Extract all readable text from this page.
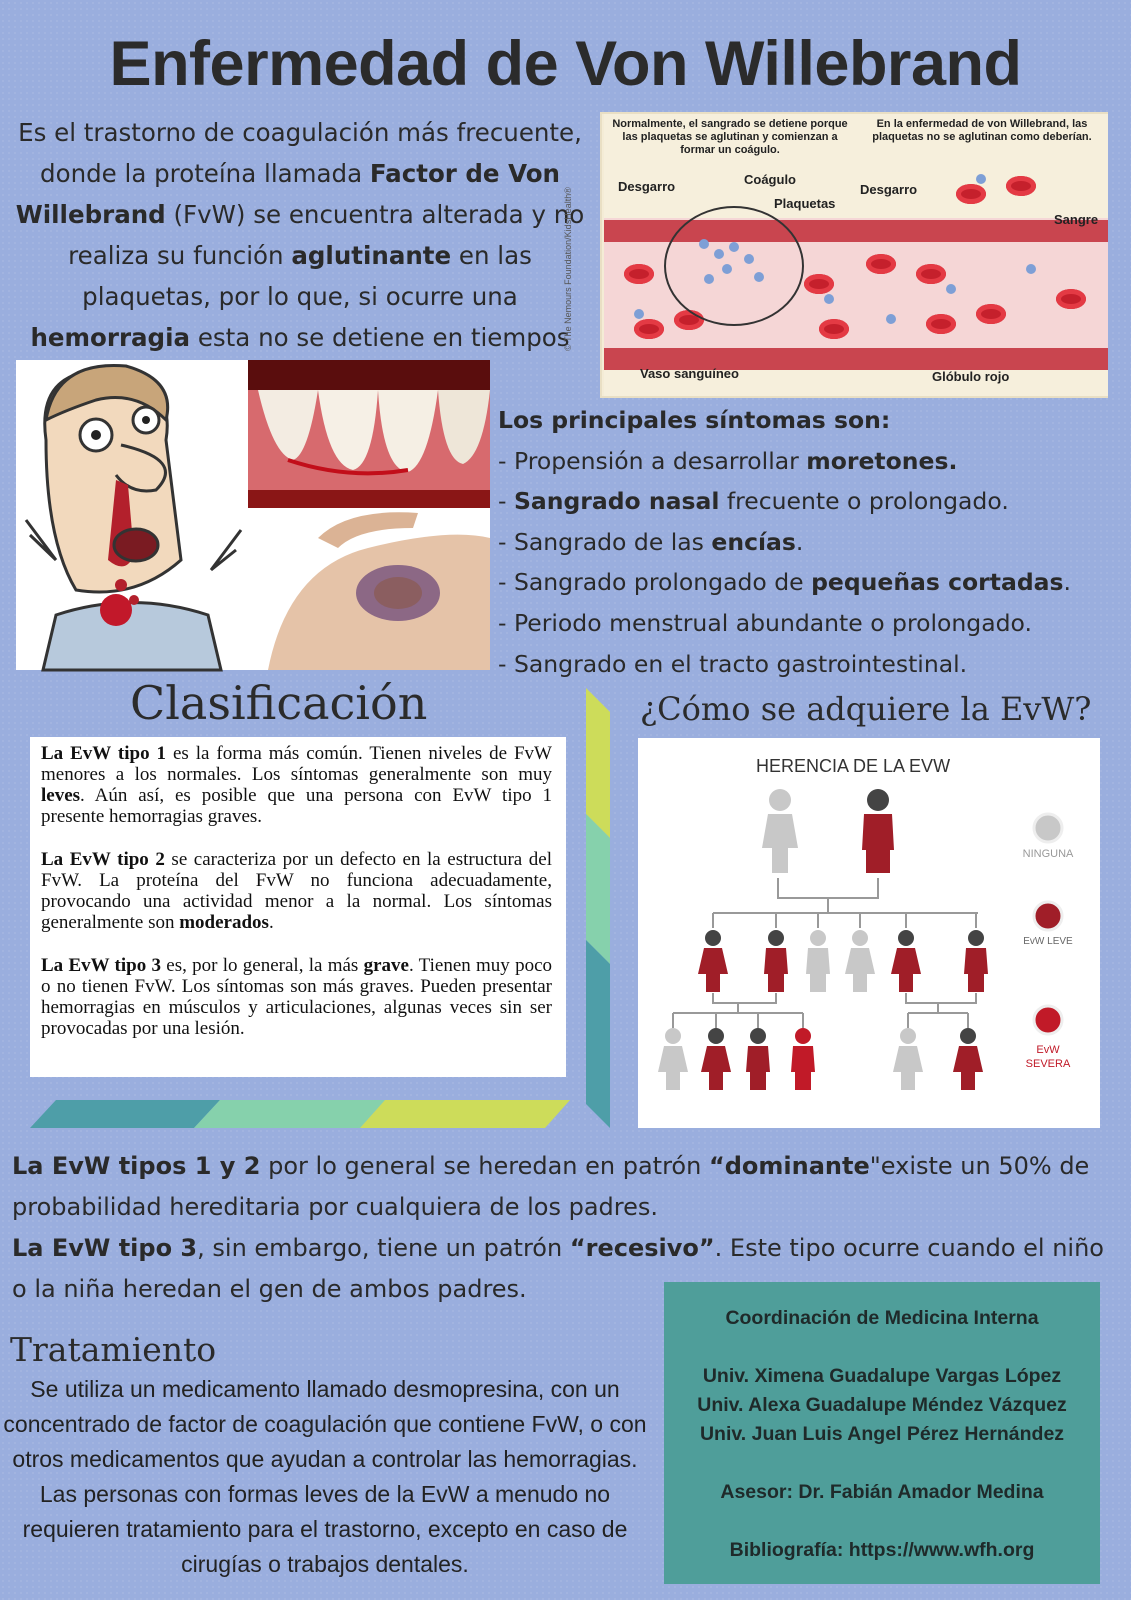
Enfermedad de Von Willebrand
Es el trastorno de coagulación más frecuente, donde la proteína llamada Factor de Von Willebrand (FvW) se encuentra alterada y no realiza su función aglutinante en las plaquetas, por lo que, si ocurre una hemorragia esta no se detiene en tiempos
Normalmente, el sangrado se detiene porque las plaquetas se aglutinan y comienzan a formar un coágulo.
Desgarro	Coágulo
Plaquetas
Vaso sanguíneo
© The Nemours Foundation/KidsHealth®
En la enfermedad de von Willebrand, las plaquetas no se aglutinan como deberían.
Desgarro
Sangre
Glóbulo rojo
Los principales síntomas son:
- Propensión a desarrollar moretones.
- Sangrado nasal frecuente o prolongado.
- Sangrado de las encías.
- Sangrado prolongado de pequeñas cortadas.
- Periodo menstrual abundante o prolongado.
- Sangrado en el tracto gastrointestinal.
Clasificación

La EvW tipo 1 es la forma más común. Tienen niveles de FvW menores a los normales. Los síntomas generalmente son muy leves. Aún así, es posible que una persona con EvW tipo 1 presente hemorragias graves.

La EvW tipo 2 se caracteriza por un defecto en la estructura del FvW. La proteína del FvW no funciona adecuadamente, provocando una actividad menor a la normal. Los síntomas generalmente son moderados.

La EvW tipo 3 es, por lo general, la más grave. Tienen muy poco o no tienen FvW. Los síntomas son más graves. Pueden presentar hemorragias en músculos y articulaciones, algunas veces sin ser provocadas por una lesión.

¿Cómo se adquiere la EvW?
HERENCIA DE LA EVW
NINGUNA
EvW LEVE
EvW SEVERA
La EvW tipos 1 y 2 por lo general se heredan en patrón “dominante"existe un 50% de probabilidad hereditaria por cualquiera de los padres.
La EvW tipo 3, sin embargo, tiene un patrón “recesivo”. Este tipo ocurre cuando el niño o la niña heredan el gen de ambos padres.
Tratamiento
Se utiliza un medicamento llamado desmopresina, con un concentrado de factor de coagulación que contiene FvW, o con otros medicamentos que ayudan a controlar las hemorragias. Las personas con formas leves de la EvW a menudo no requieren tratamiento para el trastorno, excepto en caso de cirugías o trabajos dentales.
Coordinación de Medicina Interna
Univ. Ximena Guadalupe Vargas López
Univ. Alexa Guadalupe Méndez Vázquez
Univ. Juan Luis Angel Pérez Hernández
Asesor: Dr. Fabián Amador Medina
Bibliografía: https://www.wfh.org
